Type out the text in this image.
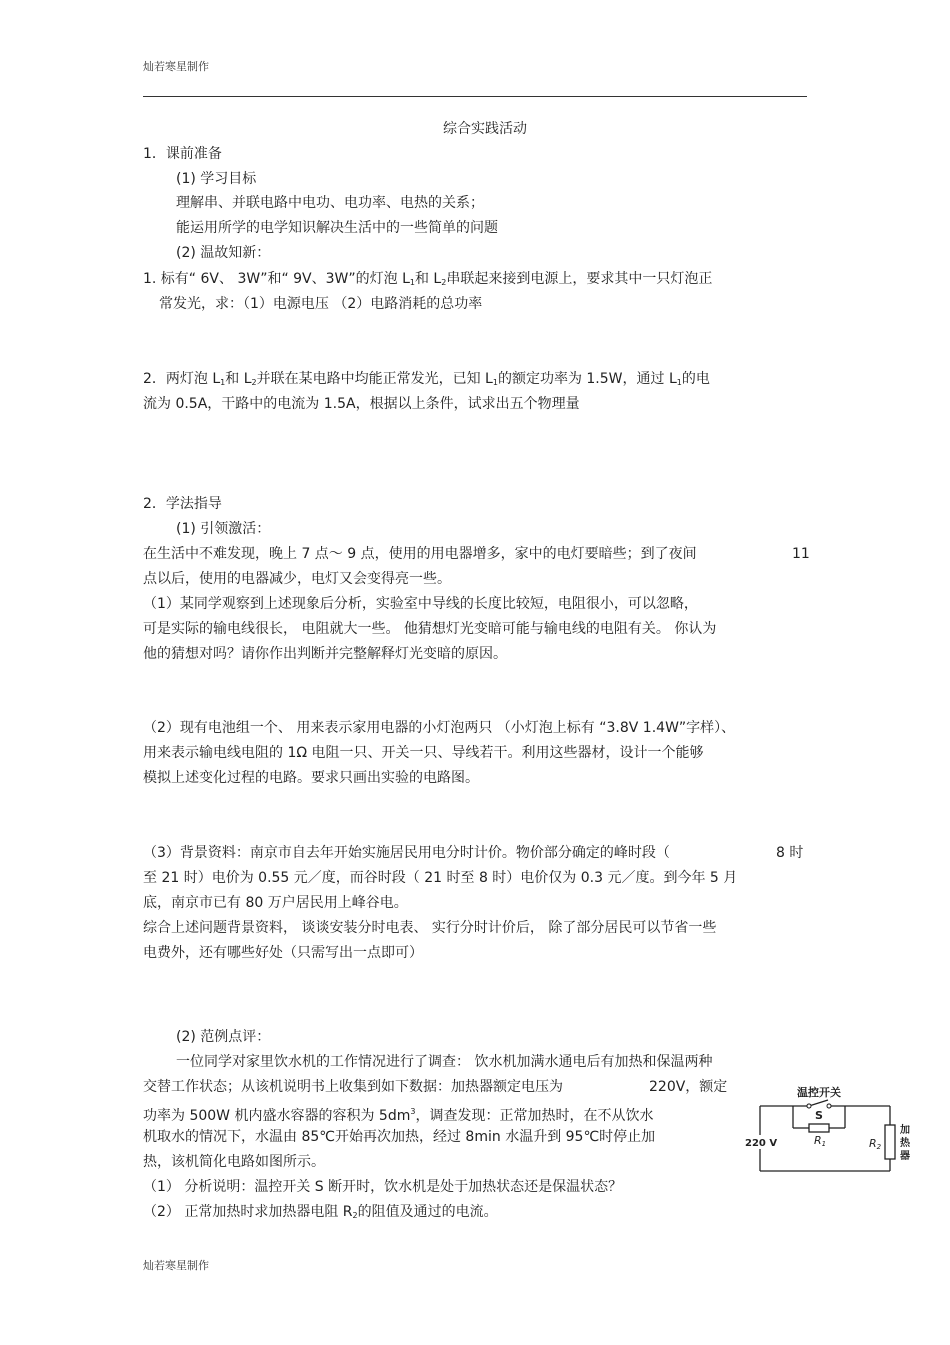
灿若寒星制作
综合实践活动
1．课前准备
(1) 学习目标
理解串、并联电路中电功、电功率、电热的关系；
能运用所学的电学知识解决生活中的一些简单的问题
(2) 温故知新：
1. 标有“ 6V、 3W”和“ 9V、3W”的灯泡 $L_1$和 $L_2$串联起来接到电源上，要求其中一只灯泡正
常发光，求：（1）电源电压 （2）电路消耗的总功率
2．两灯泡 $L_1$和 $L_2$并联在某电路中均能正常发光，已知 $L_1$的额定功率为 1.5W，通过 $L_1$的电
流为 0.5A，干路中的电流为 1.5A，根据以上条件，试求出五个物理量
2．学法指导
(1) 引领激活：
在生活中不难发现，晚上 7 点～ 9 点，使用的用电器增多，家中的电灯要暗些；到了夜间	11
点以后，使用的电器减少，电灯又会变得亮一些。
（1）某同学观察到上述现象后分析，实验室中导线的长度比较短，电阻很小，可以忽略，
可是实际的输电线很长， 电阻就大一些。 他猜想灯光变暗可能与输电线的电阻有关。 你认为
他的猜想对吗？请你作出判断并完整解释灯光变暗的原因。
（2）现有电池组一个、 用来表示家用电器的小灯泡两只 （小灯泡上标有 “3.8V 1.4W”字样）、
用来表示输电线电阻的 1Ω 电阻一只、开关一只、导线若干。利用这些器材，设计一个能够
模拟上述变化过程的电路。要求只画出实验的电路图。
（3）背景资料：南京市自去年开始实施居民用电分时计价。物价部分确定的峰时段（	8 时
至 21 时）电价为 0.55 元／度，而谷时段（ 21 时至 8 时）电价仅为 0.3 元／度。到今年 5 月
底，南京市已有 80 万户居民用上峰谷电。
综合上述问题背景资料， 谈谈安装分时电表、 实行分时计价后， 除了部分居民可以节省一些
电费外，还有哪些好处（只需写出一点即可）
(2) 范例点评：
一位同学对家里饮水机的工作情况进行了调查： 饮水机加满水通电后有加热和保温两种
交替工作状态；从该机说明书上收集到如下数据：加热器额定电压为	220V，额定
功率为 500W 机内盛水容器的容积为 $5dm^3$，调查发现：正常加热时，在不从饮水
机取水的情况下，水温由 85℃开始再次加热，经过 8min 水温升到 95℃时停止加
热，该机简化电路如图所示。
（1） 分析说明：温控开关 S 断开时，饮水机是处于加热状态还是保温状态？
（2） 正常加热时求加热器电阻 $R_2$的阻值及通过的电流。
温控开关
R2
加
热
器
S
R1
220 V
灿若寒星制作
